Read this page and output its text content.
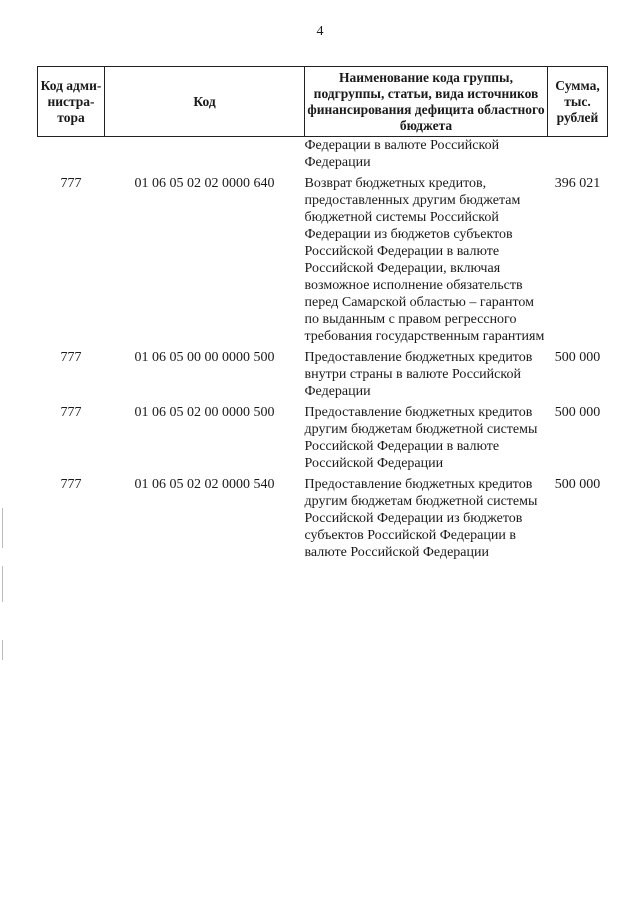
4
Код адми-нистра-тора	Код	Наименование кода группы, подгруппы, статьи, вида источников финансирования дефицита областного бюджета	Сумма, тыс. рублей
		Федерации в валюте Российской Федерации	
777	01 06 05 02 02 0000 640	Возврат бюджетных кредитов, предоставленных другим бюджетам бюджетной системы Российской Федерации из бюджетов субъектов Российской Федерации в валюте Российской Федерации, включая возможное исполнение обязательств перед Самарской областью – гарантом по выданным с правом регрессного требования государственным гарантиям	396 021
777	01 06 05 00 00 0000 500	Предоставление бюджетных кредитов внутри страны в валюте Российской Федерации	500 000
777	01 06 05 02 00 0000 500	Предоставление бюджетных кредитов другим бюджетам бюджетной системы Российской Федерации в валюте Российской Федерации	500 000
777	01 06 05 02 02 0000 540	Предоставление бюджетных кредитов другим бюджетам бюджетной системы Российской Федерации из бюджетов субъектов Российской Федерации в валюте Российской Федерации	500 000
